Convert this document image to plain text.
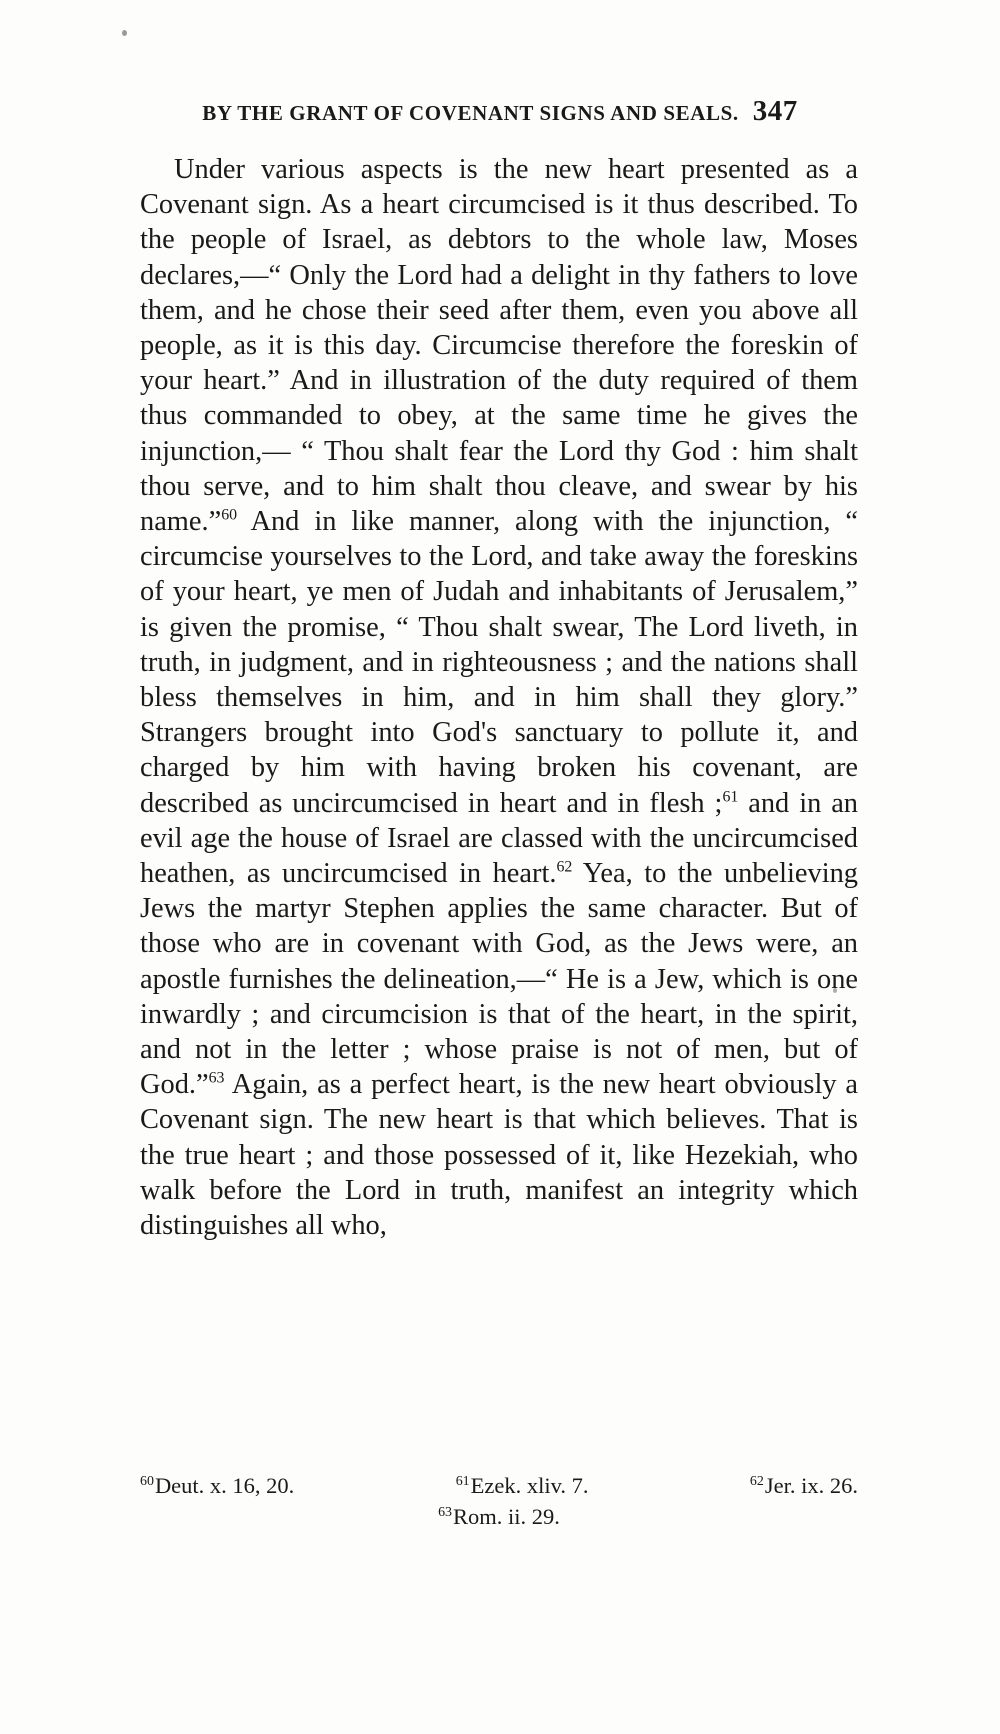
BY THE GRANT OF COVENANT SIGNS AND SEALS. 347

Under various aspects is the new heart presented as a Covenant sign. As a heart circumcised is it thus described. To the people of Israel, as debtors to the whole law, Moses declares,—“ Only the Lord had a delight in thy fathers to love them, and he chose their seed after them, even you above all people, as it is this day. Circumcise therefore the foreskin of your heart.” And in illustration of the duty required of them thus commanded to obey, at the same time he gives the injunction,— “ Thou shalt fear the Lord thy God : him shalt thou serve, and to him shalt thou cleave, and swear by his name.”$^{60}$ And in like manner, along with the injunction, “ circumcise yourselves to the Lord, and take away the foreskins of your heart, ye men of Judah and inhabitants of Jerusalem,” is given the promise, “ Thou shalt swear, The Lord liveth, in truth, in judgment, and in righteousness ; and the nations shall bless themselves in him, and in him shall they glory.” Strangers brought into God's sanctuary to pollute it, and charged by him with having broken his covenant, are described as uncircumcised in heart and in flesh ;$^{61}$ and in an evil age the house of Israel are classed with the uncircumcised heathen, as uncircumcised in heart.$^{62}$ Yea, to the unbelieving Jews the martyr Stephen applies the same character. But of those who are in covenant with God, as the Jews were, an apostle furnishes the delineation,—“ He is a Jew, which is one inwardly ; and circumcision is that of the heart, in the spirit, and not in the letter ; whose praise is not of men, but of God.”$^{63}$ Again, as a perfect heart, is the new heart obviously a Covenant sign. The new heart is that which believes. That is the true heart ; and those possessed of it, like Hezekiah, who walk before the Lord in truth, manifest an integrity which distinguishes all who,

$^{60}$Deut. x. 16, 20.	$^{61}$Ezek. xliv. 7.	$^{62}$Jer. ix. 26.
$^{63}$Rom. ii. 29.
